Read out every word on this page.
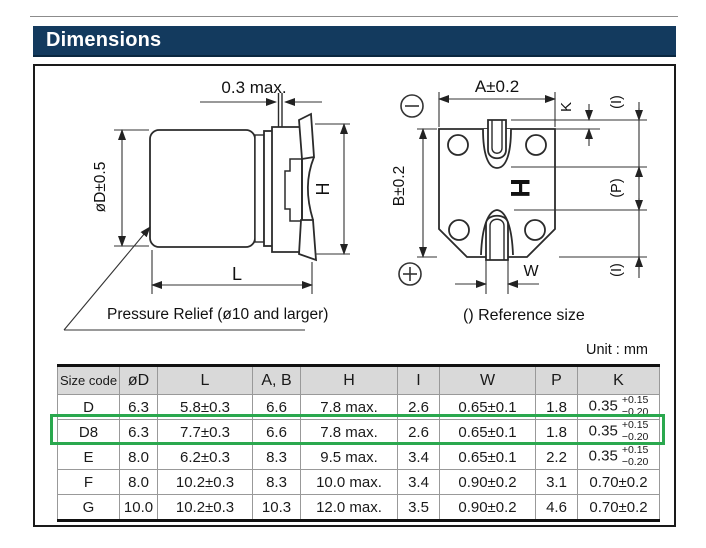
Dimensions
0.3 max.
øD±0.5	H
L
Pressure Relief (ø10 and larger)
H
A±0.2
B±0.2
K (I)
(P)
(I)
W
() Reference size
Unit : mm
Size code	øD	L	A, B	H	I	W	P	K
D	6.3	5.8±0.3	6.6	7.8 max.	2.6	0.65±0.1	1.8	0.35 +0.15
−0.20

D8	6.3	7.7±0.3	6.6	7.8 max.	2.6	0.65±0.1	1.8	0.35 +0.15
−0.20

E	8.0	6.2±0.3	8.3	9.5 max.	3.4	0.65±0.1	2.2	0.35 +0.15
−0.20

F	8.0	10.2±0.3	8.3	10.0 max.	3.4	0.90±0.2	3.1	0.70±0.2
G	10.0	10.2±0.3	10.3	12.0 max.	3.5	0.90±0.2	4.6	0.70±0.2
